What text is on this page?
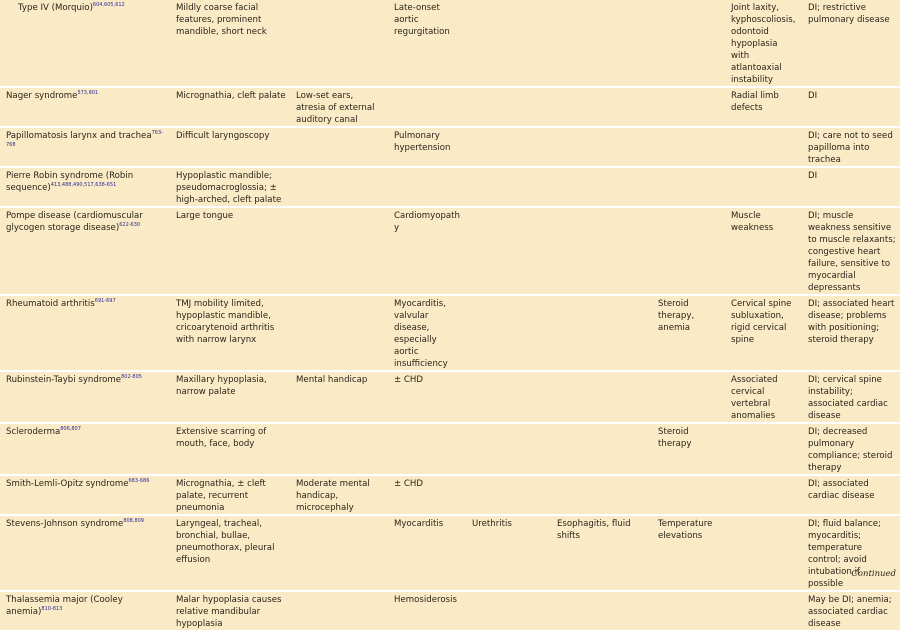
Type IV (Morquio)$^{604,605,612}$	Mildly coarse facial features, prominent mandible, short neck		Late-onset aortic regurgitation				Joint laxity, kyphoscoliosis, odontoid hypoplasia with atlantoaxial instability	DI; restrictive pulmonary disease
Nager syndrome$^{573,801}$	Micrognathia, cleft palate	Low-set ears, atresia of external auditory canal					Radial limb defects	DI
Papillomatosis larynx and trachea$^{763-768}$	Difficult laryngoscopy		Pulmonary hypertension					DI; care not to seed papilloma into trachea
Pierre Robin syndrome (Robin sequence)$^{413,488,490,517,638-651}$	Hypoplastic mandible; pseudomacroglossia; ± high-arched, cleft palate							DI
Pompe disease (cardiomuscular glycogen storage disease)$^{622-630}$	Large tongue		Cardiomyopathy				Muscle weakness	DI; muscle weakness sensitive to muscle relaxants; congestive heart failure, sensitive to myocardial depressants
Rheumatoid arthritis$^{691-697}$	TMJ mobility limited, hypoplastic mandible, cricoarytenoid arthritis with narrow larynx		Myocarditis, valvular disease, especially aortic insufficiency			Steroid therapy, anemia	Cervical spine subluxation, rigid cervical spine	DI; associated heart disease; problems with positioning; steroid therapy
Rubinstein-Taybi syndrome$^{802-805}$	Maxillary hypoplasia, narrow palate	Mental handicap	± CHD				Associated cervical vertebral anomalies	DI; cervical spine instability; associated cardiac disease
Scleroderma$^{806,807}$	Extensive scarring of mouth, face, body					Steroid therapy		DI; decreased pulmonary compliance; steroid therapy
Smith-Lemli-Opitz syndrome$^{683-686}$	Micrognathia, ± cleft palate, recurrent pneumonia	Moderate mental handicap, microcephaly	± CHD					DI; associated cardiac disease
Stevens-Johnson syndrome$^{808,809}$	Laryngeal, tracheal, bronchial, bullae, pneumothorax, pleural effusion		Myocarditis	Urethritis	Esophagitis, fluid shifts	Temperature elevations		DI; fluid balance; myocarditis; temperature control; avoid intubation if possible
Thalassemia major (Cooley anemia)$^{810-813}$	Malar hypoplasia causes relative mandibular hypoplasia		Hemosiderosis					May be DI; anemia; associated cardiac disease
Continued
